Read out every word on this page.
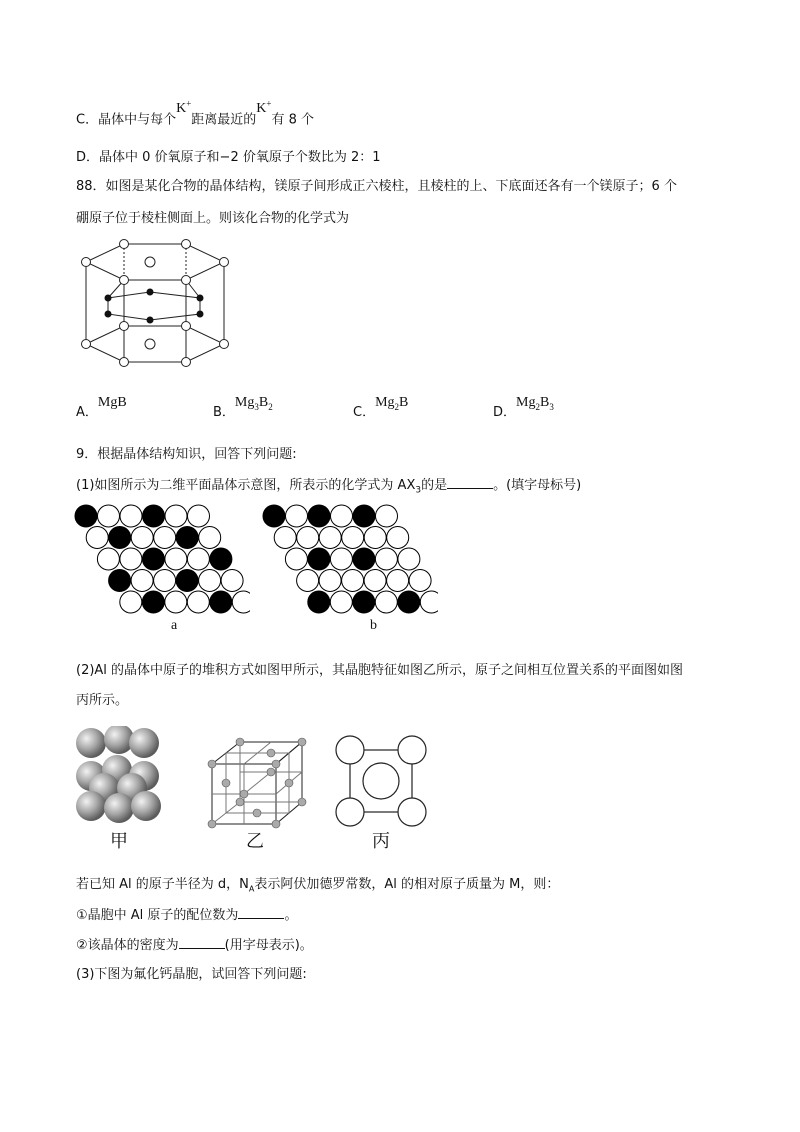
C．晶体中与每个K+距离最近的K+有 8 个
D．晶体中 0 价氧原子和−2 价氧原子个数比为 2：1
88．如图是某化合物的晶体结构，镁原子间形成正六棱柱，且棱柱的上、下底面还各有一个镁原子；6 个
硼原子位于棱柱侧面上。则该化合物的化学式为
A．MgB
B．$Mg_3B_2$	C．$Mg_2B$
D．$Mg_2B_3$
9．根据晶体结构知识，回答下列问题:
(1)如图所示为二维平面晶体示意图，所表示的化学式为 $AX_3$的是	。(填字母标号)
a	b
(2)Al 的晶体中原子的堆积方式如图甲所示，其晶胞特征如图乙所示，原子之间相互位置关系的平面图如图
丙所示。
甲	乙	丙
若已知 Al 的原子半径为 d，$N_A$表示阿伏加德罗常数，Al 的相对原子质量为 M，则：
①晶胞中 Al 原子的配位数为	。
②该晶体的密度为	(用字母表示)。
(3)下图为氟化钙晶胞，试回答下列问题:
